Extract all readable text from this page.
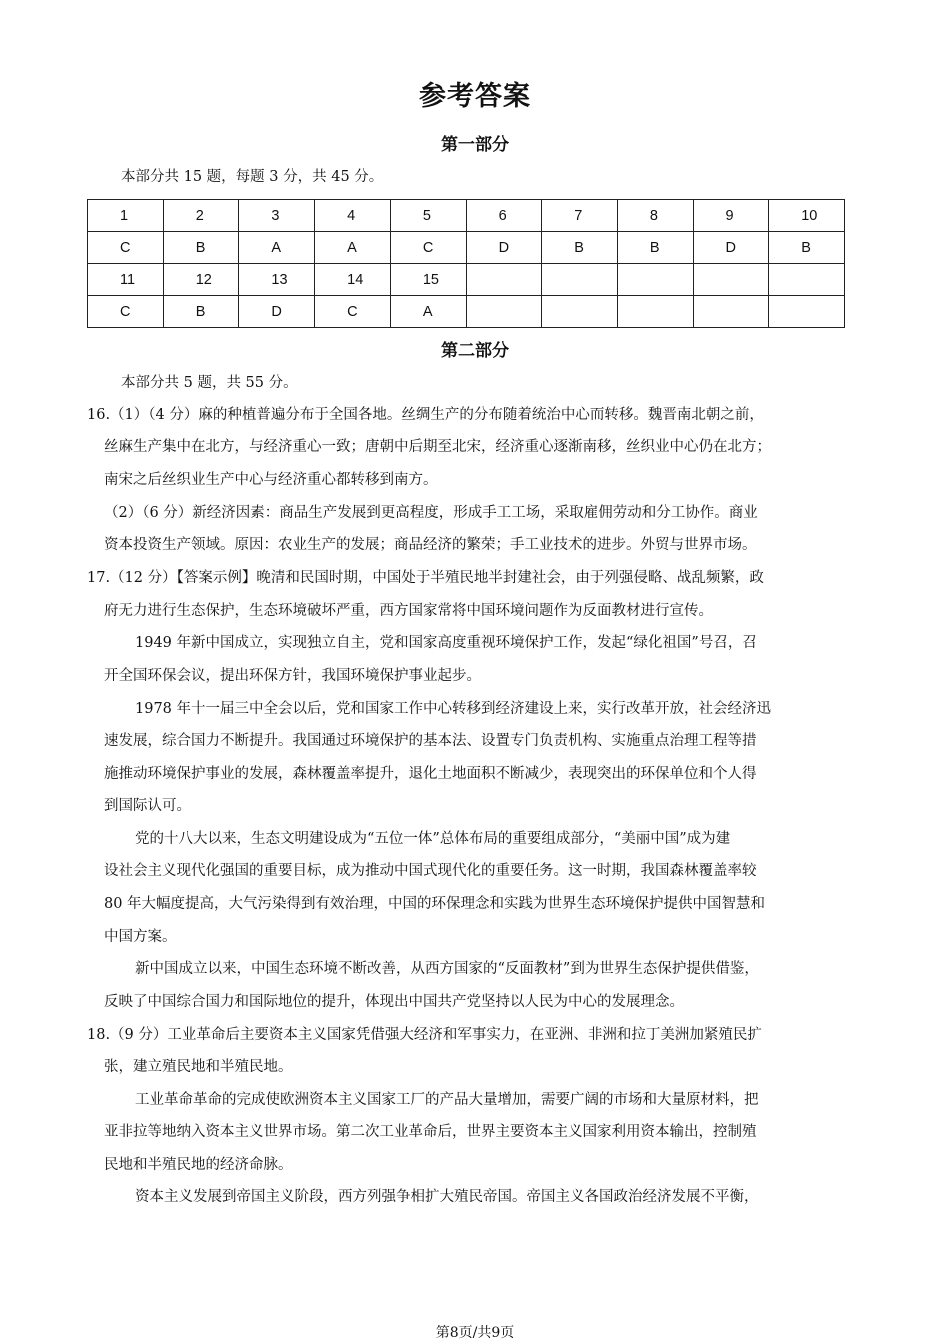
参考答案
第一部分
本部分共 15 题，每题 3 分，共 45 分。
1	2	3	4	5	6	7	8	9	10
C	B	A	A	C	D	B	B	D	B
11	12	13	14	15					
C	B	D	C	A					
第二部分
本部分共 5 题，共 55 分。
16.（1）（4 分）麻的种植普遍分布于全国各地。丝绸生产的分布随着统治中心而转移。魏晋南北朝之前，
丝麻生产集中在北方，与经济重心一致；唐朝中后期至北宋，经济重心逐渐南移，丝织业中心仍在北方；
南宋之后丝织业生产中心与经济重心都转移到南方。
（2）（6 分）新经济因素：商品生产发展到更高程度，形成手工工场，采取雇佣劳动和分工协作。商业
资本投资生产领域。原因：农业生产的发展；商品经济的繁荣；手工业技术的进步。外贸与世界市场。
17.（12 分）【答案示例】晚清和民国时期，中国处于半殖民地半封建社会，由于列强侵略、战乱频繁，政
府无力进行生态保护，生态环境破坏严重，西方国家常将中国环境问题作为反面教材进行宣传。
1949 年新中国成立，实现独立自主，党和国家高度重视环境保护工作，发起“绿化祖国”号召，召
开全国环保会议，提出环保方针，我国环境保护事业起步。
1978 年十一届三中全会以后，党和国家工作中心转移到经济建设上来，实行改革开放，社会经济迅
速发展，综合国力不断提升。我国通过环境保护的基本法、设置专门负责机构、实施重点治理工程等措
施推动环境保护事业的发展，森林覆盖率提升，退化土地面积不断减少，表现突出的环保单位和个人得
到国际认可。
党的十八大以来，生态文明建设成为“五位一体”总体布局的重要组成部分，“美丽中国”成为建
设社会主义现代化强国的重要目标，成为推动中国式现代化的重要任务。这一时期，我国森林覆盖率较
80 年大幅度提高，大气污染得到有效治理，中国的环保理念和实践为世界生态环境保护提供中国智慧和
中国方案。
新中国成立以来，中国生态环境不断改善，从西方国家的“反面教材”到为世界生态保护提供借鉴，
反映了中国综合国力和国际地位的提升，体现出中国共产党坚持以人民为中心的发展理念。
18.（9 分）工业革命后主要资本主义国家凭借强大经济和军事实力，在亚洲、非洲和拉丁美洲加紧殖民扩
张，建立殖民地和半殖民地。
工业革命革命的完成使欧洲资本主义国家工厂的产品大量增加，需要广阔的市场和大量原材料，把
亚非拉等地纳入资本主义世界市场。第二次工业革命后，世界主要资本主义国家利用资本输出，控制殖
民地和半殖民地的经济命脉。
资本主义发展到帝国主义阶段，西方列强争相扩大殖民帝国。帝国主义各国政治经济发展不平衡，
第8页/共9页
